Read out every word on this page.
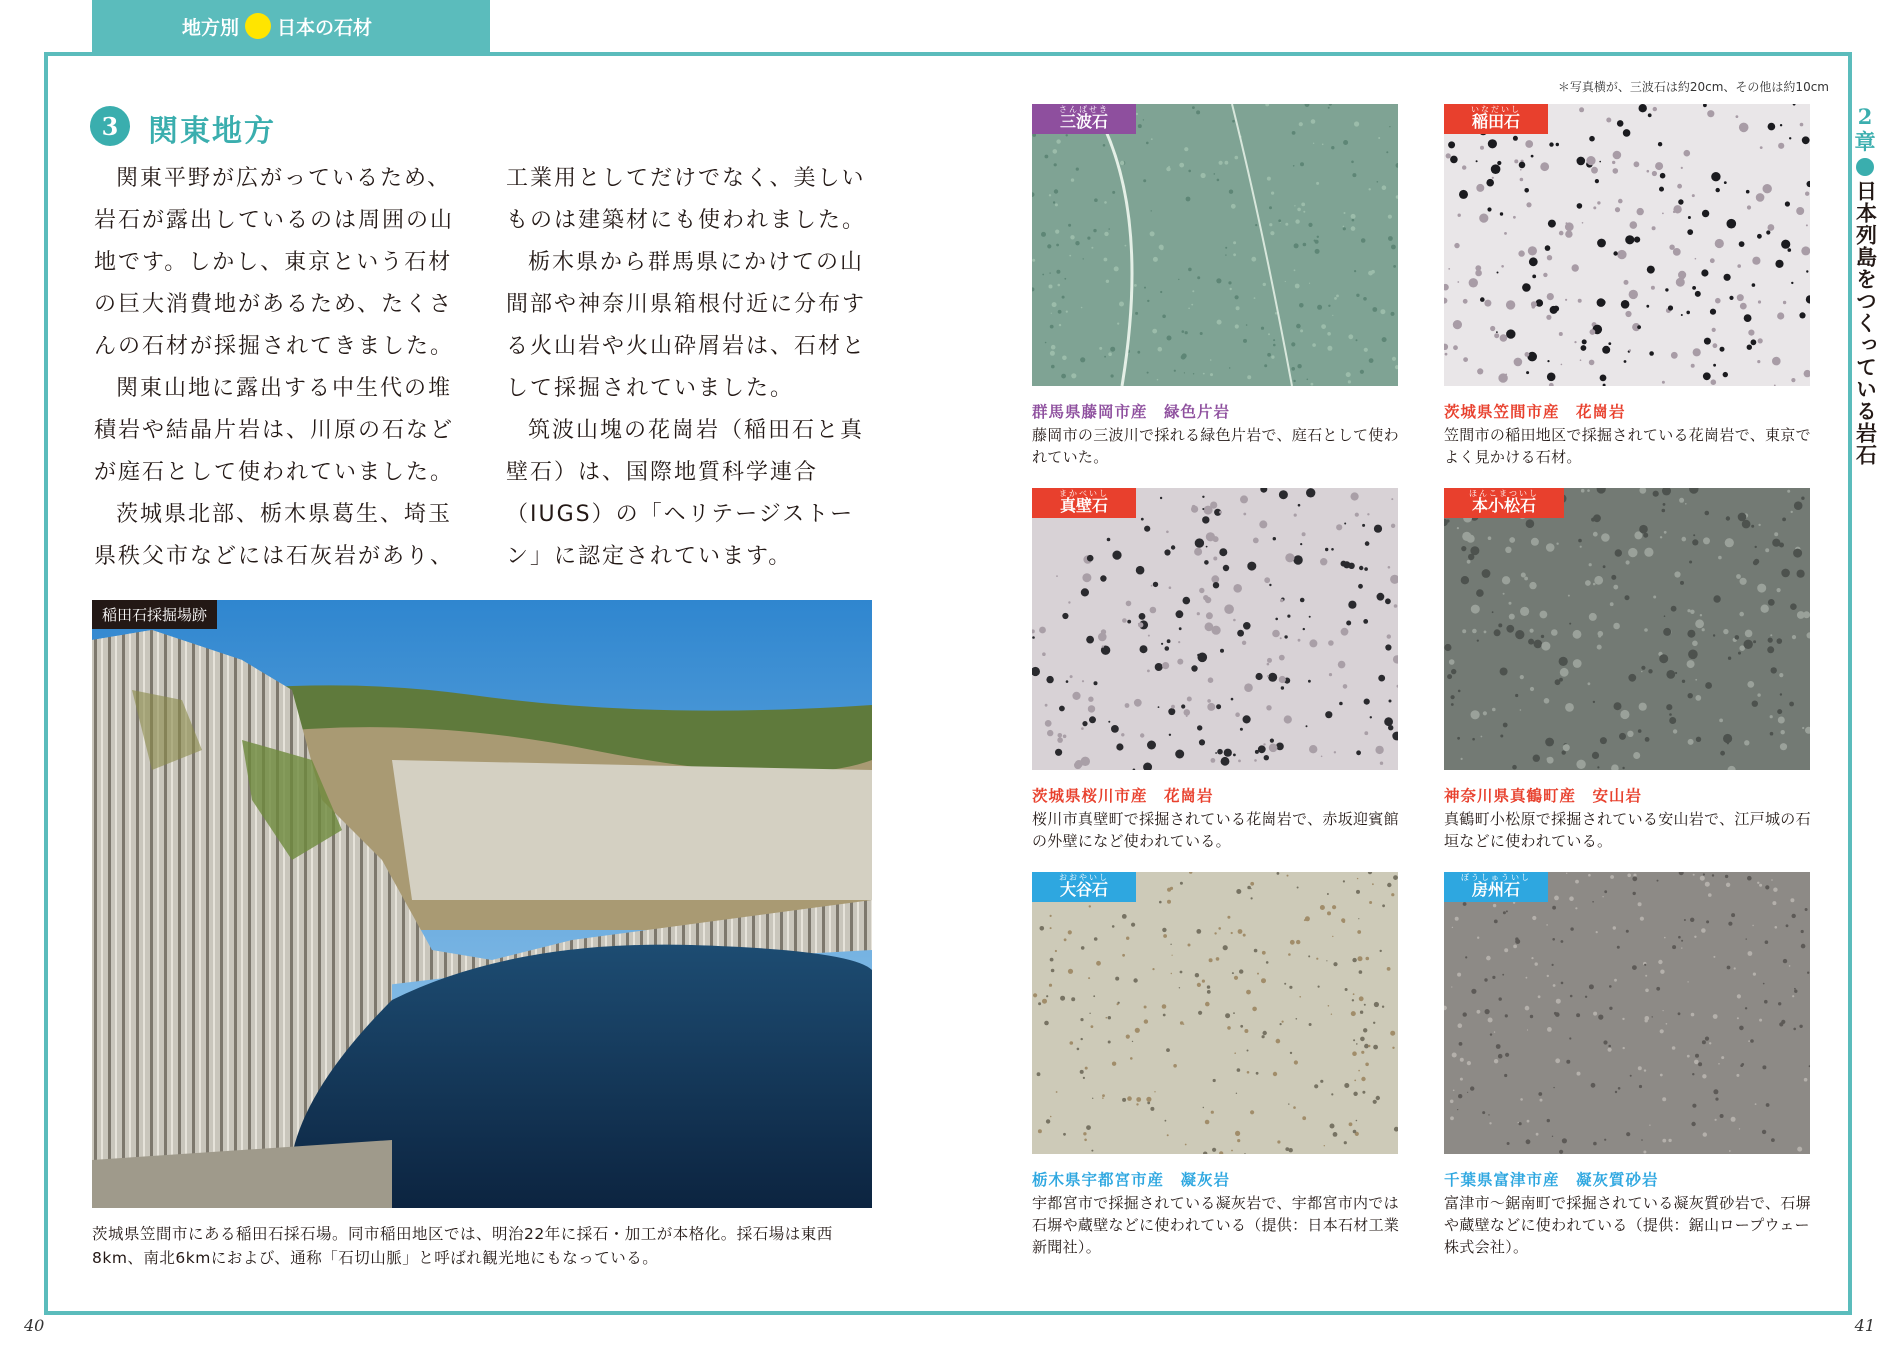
地方別 日本の石材
＊写真横が、三波石は約20cm、その他は約10cm
3 関東地方

関東平野が広がっているため、岩石が露出しているのは周囲の山地です。しかし、東京という石材の巨大消費地があるため、たくさんの石材が採掘されてきました。

関東山地に露出する中生代の堆積岩や結晶片岩は、川原の石などが庭石として使われていました。

茨城県北部、栃木県葛生、埼玉県秩父市などには石灰岩があり、

工業用としてだけでなく、美しいものは建築材にも使われました。

栃木県から群馬県にかけての山間部や神奈川県箱根付近に分布する火山岩や火山砕屑岩は、石材として採掘されていました。

筑波山塊の花崗岩（稲田石と真壁石）は、国際地質科学連合（IUGS）の「ヘリテージストーン」に認定されています。

稲田石採掘場跡
茨城県笠間市にある稲田石採石場。同市稲田地区では、明治22年に採石・加工が本格化。採石場は東西8km、南北6kmにおよび、通称「石切山脈」と呼ばれ観光地にもなっている。
さんばせき
三波石
群馬県藤岡市産　緑色片岩
藤岡市の三波川で採れる緑色片岩で、庭石として使われていた。
いなだいし
稲田石
茨城県笠間市産　花崗岩
笠間市の稲田地区で採掘されている花崗岩で、東京でよく見かける石材。
まかべいし
真壁石
茨城県桜川市産　花崗岩
桜川市真壁町で採掘されている花崗岩で、赤坂迎賓館の外壁になど使われている。
ほんこまついし
本小松石
神奈川県真鶴町産　安山岩
真鶴町小松原で採掘されている安山岩で、江戸城の石垣などに使われている。
おおやいし
大谷石
栃木県宇都宮市産　凝灰岩
宇都宮市で採掘されている凝灰岩で、宇都宮市内では石塀や蔵壁などに使われている（提供：日本石材工業新聞社）。
ぼうしゅういし
房州石
千葉県富津市産　凝灰質砂岩
富津市～鋸南町で採掘されている凝灰質砂岩で、石塀や蔵壁などに使われている（提供：鋸山ロープウェー株式会社）。
2
章
日本列島をつくっている岩石
40	41
